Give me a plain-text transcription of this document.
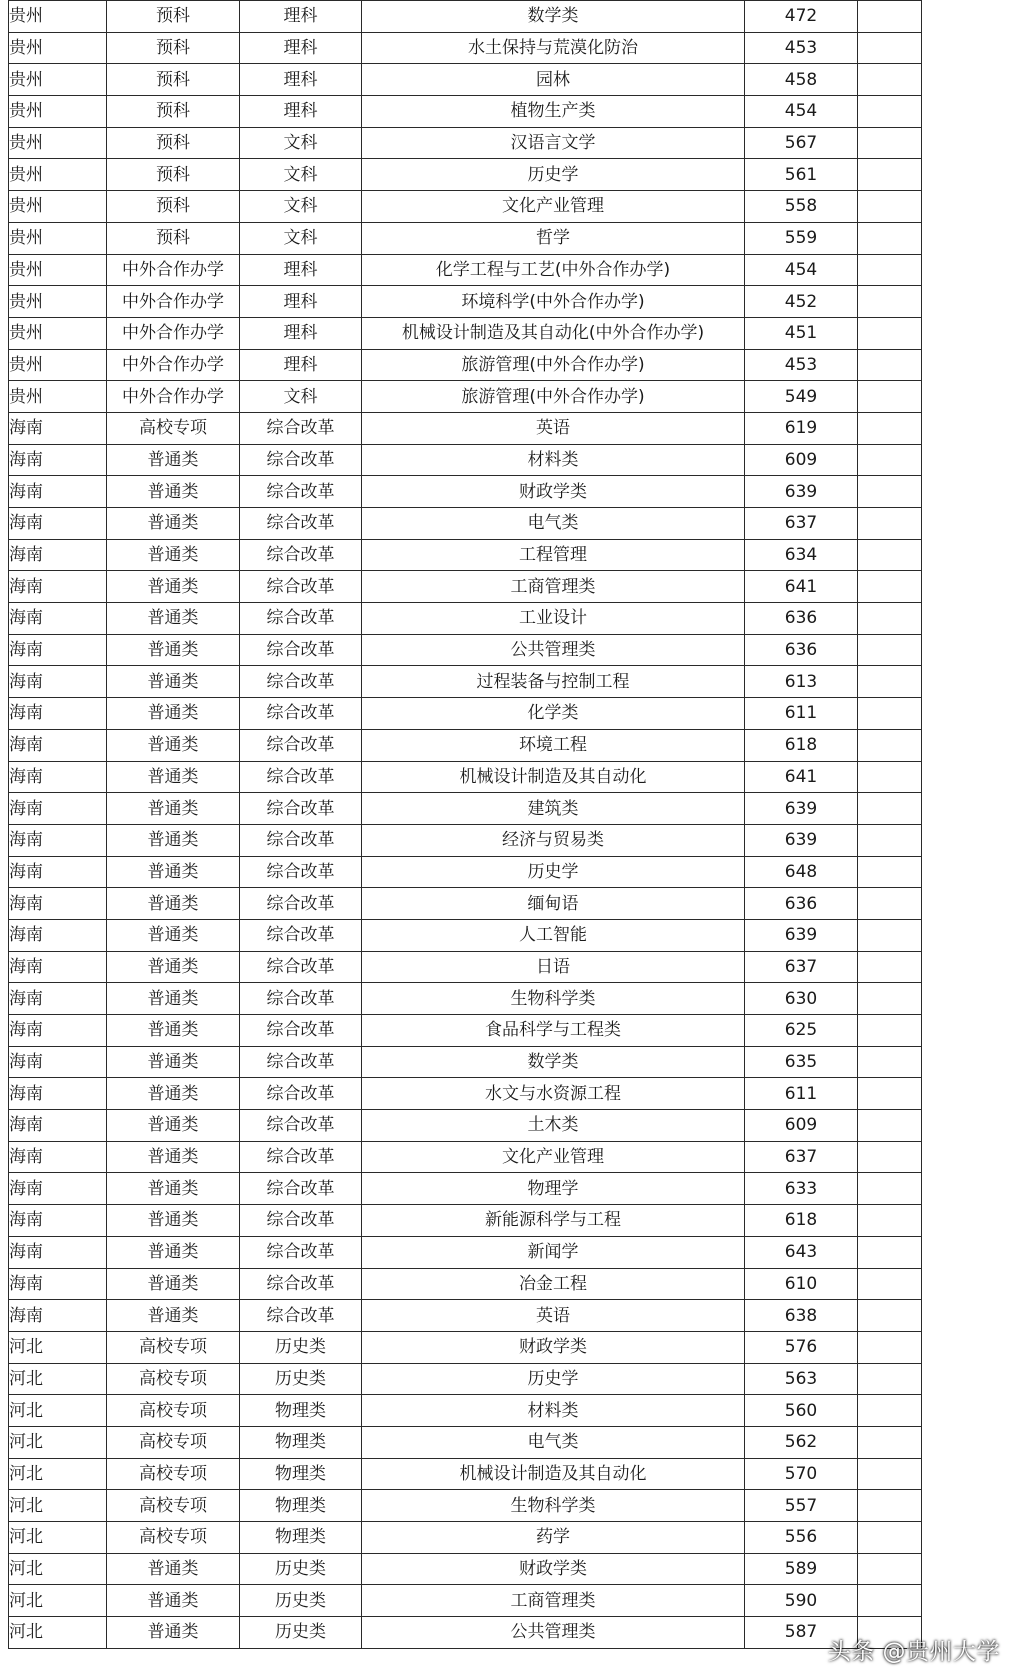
贵州	预科	理科	数学类	472	
贵州	预科	理科	水土保持与荒漠化防治	453	
贵州	预科	理科	园林	458	
贵州	预科	理科	植物生产类	454	
贵州	预科	文科	汉语言文学	567	
贵州	预科	文科	历史学	561	
贵州	预科	文科	文化产业管理	558	
贵州	预科	文科	哲学	559	
贵州	中外合作办学	理科	化学工程与工艺(中外合作办学)	454	
贵州	中外合作办学	理科	环境科学(中外合作办学)	452	
贵州	中外合作办学	理科	机械设计制造及其自动化(中外合作办学)	451	
贵州	中外合作办学	理科	旅游管理(中外合作办学)	453	
贵州	中外合作办学	文科	旅游管理(中外合作办学)	549	
海南	高校专项	综合改革	英语	619	
海南	普通类	综合改革	材料类	609	
海南	普通类	综合改革	财政学类	639	
海南	普通类	综合改革	电气类	637	
海南	普通类	综合改革	工程管理	634	
海南	普通类	综合改革	工商管理类	641	
海南	普通类	综合改革	工业设计	636	
海南	普通类	综合改革	公共管理类	636	
海南	普通类	综合改革	过程装备与控制工程	613	
海南	普通类	综合改革	化学类	611	
海南	普通类	综合改革	环境工程	618	
海南	普通类	综合改革	机械设计制造及其自动化	641	
海南	普通类	综合改革	建筑类	639	
海南	普通类	综合改革	经济与贸易类	639	
海南	普通类	综合改革	历史学	648	
海南	普通类	综合改革	缅甸语	636	
海南	普通类	综合改革	人工智能	639	
海南	普通类	综合改革	日语	637	
海南	普通类	综合改革	生物科学类	630	
海南	普通类	综合改革	食品科学与工程类	625	
海南	普通类	综合改革	数学类	635	
海南	普通类	综合改革	水文与水资源工程	611	
海南	普通类	综合改革	土木类	609	
海南	普通类	综合改革	文化产业管理	637	
海南	普通类	综合改革	物理学	633	
海南	普通类	综合改革	新能源科学与工程	618	
海南	普通类	综合改革	新闻学	643	
海南	普通类	综合改革	冶金工程	610	
海南	普通类	综合改革	英语	638	
河北	高校专项	历史类	财政学类	576	
河北	高校专项	历史类	历史学	563	
河北	高校专项	物理类	材料类	560	
河北	高校专项	物理类	电气类	562	
河北	高校专项	物理类	机械设计制造及其自动化	570	
河北	高校专项	物理类	生物科学类	557	
河北	高校专项	物理类	药学	556	
河北	普通类	历史类	财政学类	589	
河北	普通类	历史类	工商管理类	590	
河北	普通类	历史类	公共管理类	587	
头条 @贵州大学
